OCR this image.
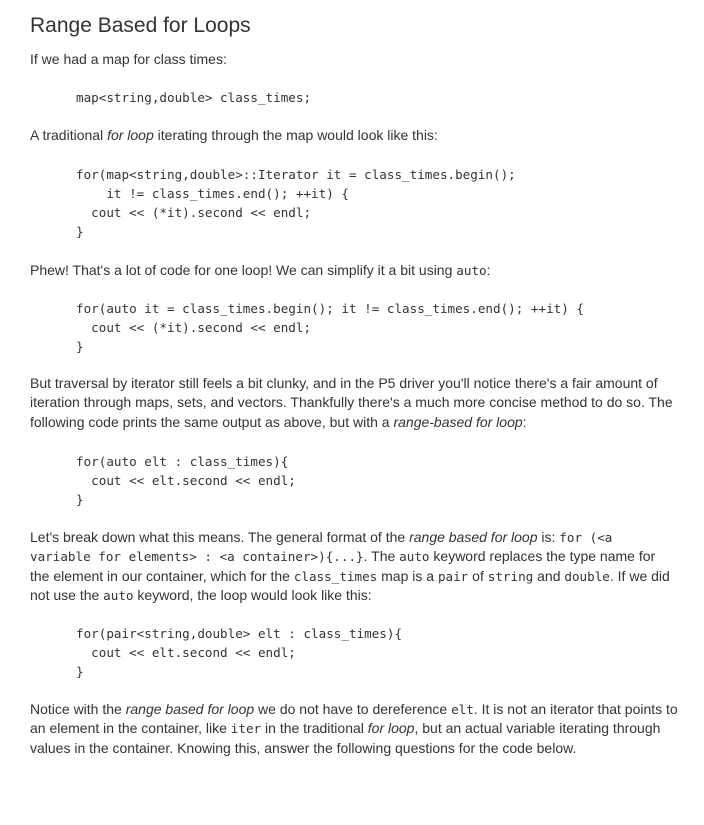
Range Based for Loops

If we had a map for class times:

map<string,double> class_times;

A traditional for loop iterating through the map would look like this:

for(map<string,double>::Iterator it = class_times.begin();
it != class_times.end(); ++it) {
cout << (*it).second << endl;
}

Phew! That's a lot of code for one loop! We can simplify it a bit using auto:

for(auto it = class_times.begin(); it != class_times.end(); ++it) {
cout << (*it).second << endl;
}

But traversal by iterator still feels a bit clunky, and in the P5 driver you'll notice there's a fair amount of
iteration through maps, sets, and vectors. Thankfully there's a much more concise method to do so. The
following code prints the same output as above, but with a range-based for loop:

for(auto elt : class_times){
cout << elt.second << endl;
}

Let's break down what this means. The general format of the range based for loop is: for (<a
variable for elements> : <a container>){...}. The auto keyword replaces the type name for
the element in our container, which for the class_times map is a pair of string and double. If we did
not use the auto keyword, the loop would look like this:

for(pair<string,double> elt : class_times){
cout << elt.second << endl;
}

Notice with the range based for loop we do not have to dereference elt. It is not an iterator that points to
an element in the container, like iter in the traditional for loop, but an actual variable iterating through
values in the container. Knowing this, answer the following questions for the code below.
